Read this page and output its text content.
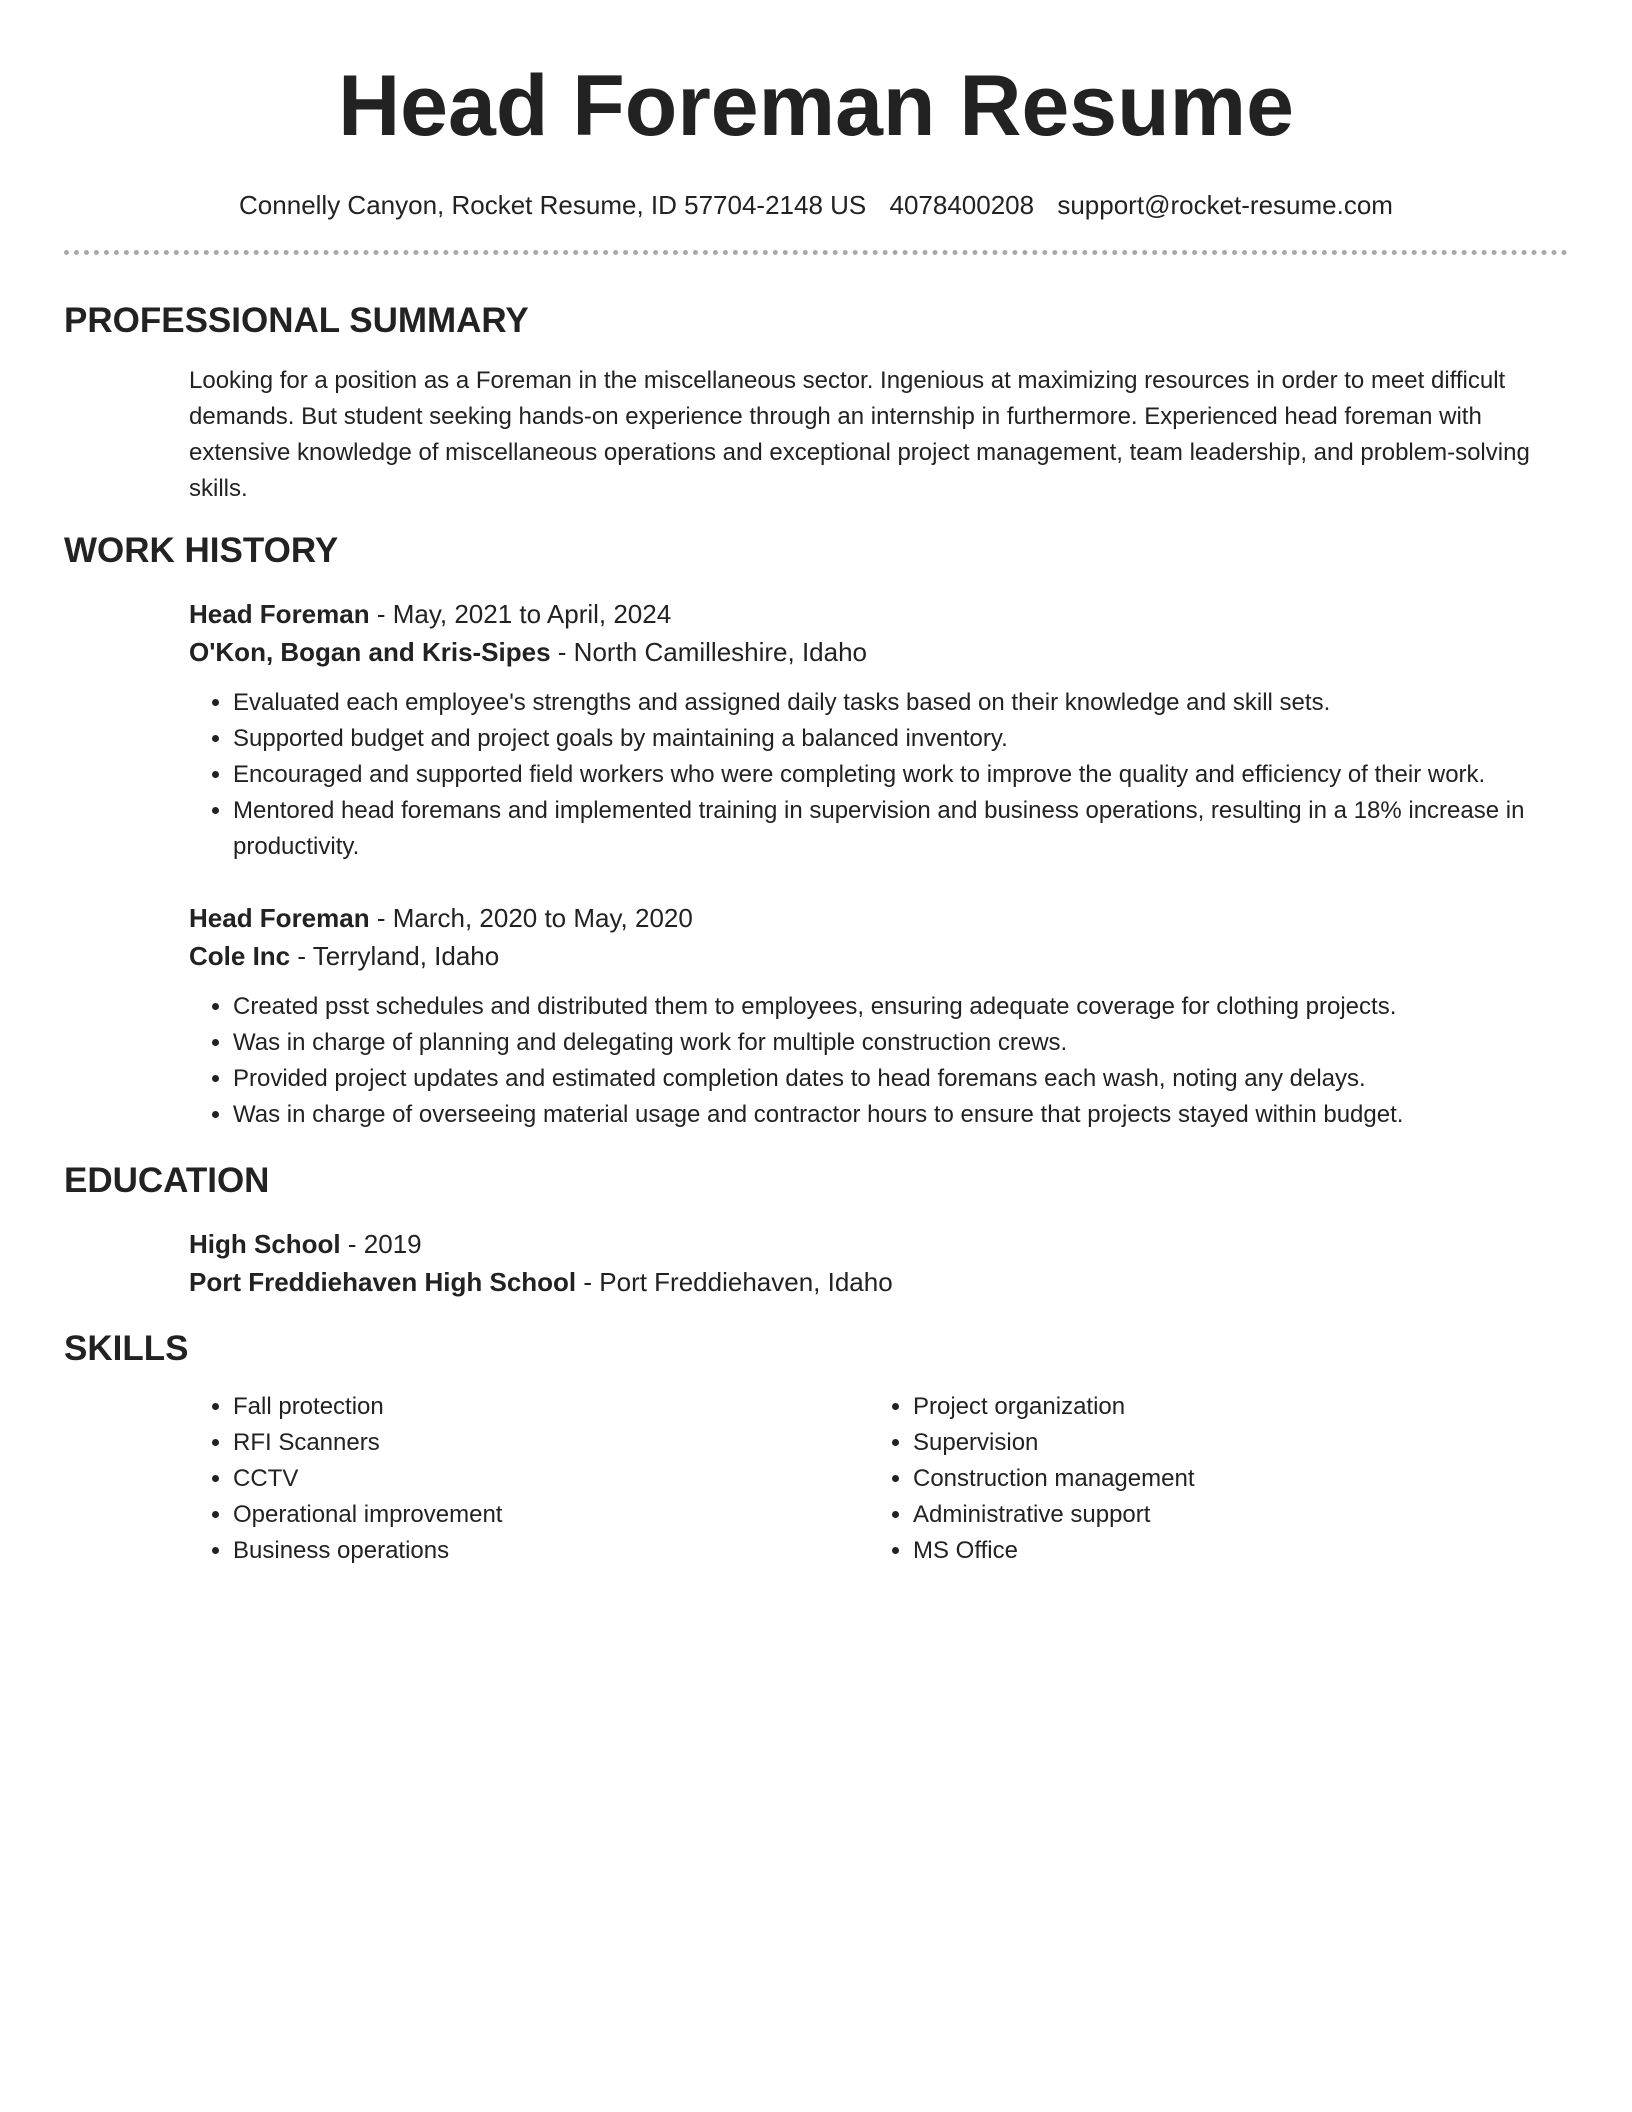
Head Foreman Resume
Connelly Canyon, Rocket Resume, ID 57704-2148 US 4078400208 support@rocket-resume.com
PROFESSIONAL SUMMARY
Looking for a position as a Foreman in the miscellaneous sector. Ingenious at maximizing resources in order to meet difficult demands. But student seeking hands-on experience through an internship in furthermore. Experienced head foreman with extensive knowledge of miscellaneous operations and exceptional project management, team leadership, and problem-solving skills.
WORK HISTORY
Head Foreman - May, 2021 to April, 2024
O'Kon, Bogan and Kris-Sipes - North Camilleshire, Idaho
• Evaluated each employee's strengths and assigned daily tasks based on their knowledge and skill sets.
• Supported budget and project goals by maintaining a balanced inventory.
• Encouraged and supported field workers who were completing work to improve the quality and efficiency of their work.
• Mentored head foremans and implemented training in supervision and business operations, resulting in a 18% increase in productivity.
Head Foreman - March, 2020 to May, 2020
Cole Inc - Terryland, Idaho
• Created psst schedules and distributed them to employees, ensuring adequate coverage for clothing projects.
• Was in charge of planning and delegating work for multiple construction crews.
• Provided project updates and estimated completion dates to head foremans each wash, noting any delays.
• Was in charge of overseeing material usage and contractor hours to ensure that projects stayed within budget.
EDUCATION
High School - 2019
Port Freddiehaven High School - Port Freddiehaven, Idaho
SKILLS
• Fall protection
• RFI Scanners
• CCTV
• Operational improvement
• Business operations
• Project organization
• Supervision
• Construction management
• Administrative support
• MS Office
